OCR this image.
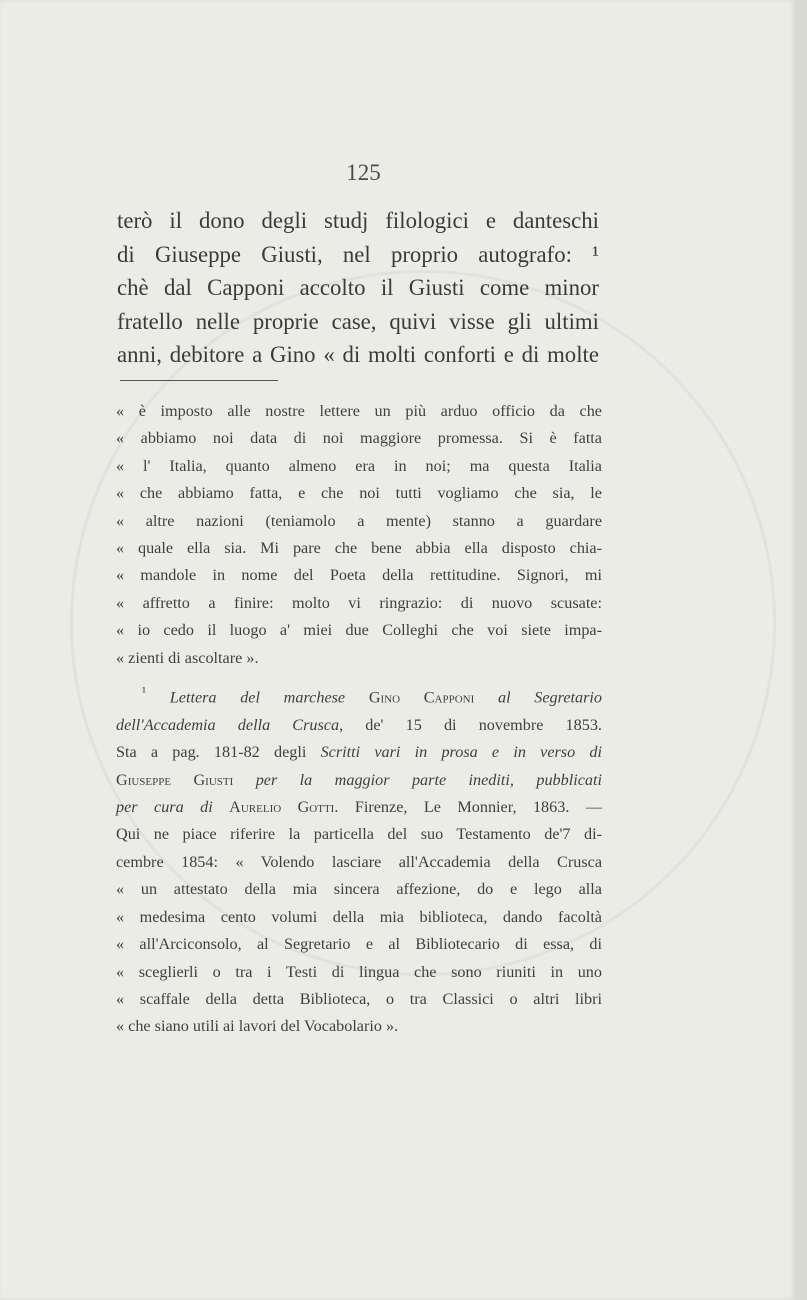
125
terò il dono degli studj filologici e danteschi
di Giuseppe Giusti, nel proprio autografo: ¹
chè dal Capponi accolto il Giusti come minor
fratello nelle proprie case, quivi visse gli ultimi
anni, debitore a Gino « di molti conforti e di molte
« è imposto alle nostre lettere un più arduo officio da che
« abbiamo noi data di noi maggiore promessa. Si è fatta
« l' Italia, quanto almeno era in noi; ma questa Italia
« che abbiamo fatta, e che noi tutti vogliamo che sia, le
« altre nazioni (teniamolo a mente) stanno a guardare
« quale ella sia. Mi pare che bene abbia ella disposto chia-
« mandole in nome del Poeta della rettitudine. Signori, mi
« affretto a finire: molto vi ringrazio: di nuovo scusate:
« io cedo il luogo a' miei due Colleghi che voi siete impa-
« zienti di ascoltare ».
$^{^1}$ Lettera del marchese Gino Capponi al Segretario
dell'Accademia della Crusca, de' 15 di novembre 1853.
Sta a pag. 181-82 degli Scritti vari in prosa e in verso di
Giuseppe Giusti per la maggior parte inediti, pubblicati
per cura di Aurelio Gotti. Firenze, Le Monnier, 1863. —
Qui ne piace riferire la particella del suo Testamento de'7 di-
cembre 1854: « Volendo lasciare all'Accademia della Crusca
« un attestato della mia sincera affezione, do e lego alla
« medesima cento volumi della mia biblioteca, dando facoltà
« all'Arciconsolo, al Segretario e al Bibliotecario di essa, di
« sceglierli o tra i Testi di lingua che sono riuniti in uno
« scaffale della detta Biblioteca, o tra Classici o altri libri
« che siano utili ai lavori del Vocabolario ».
